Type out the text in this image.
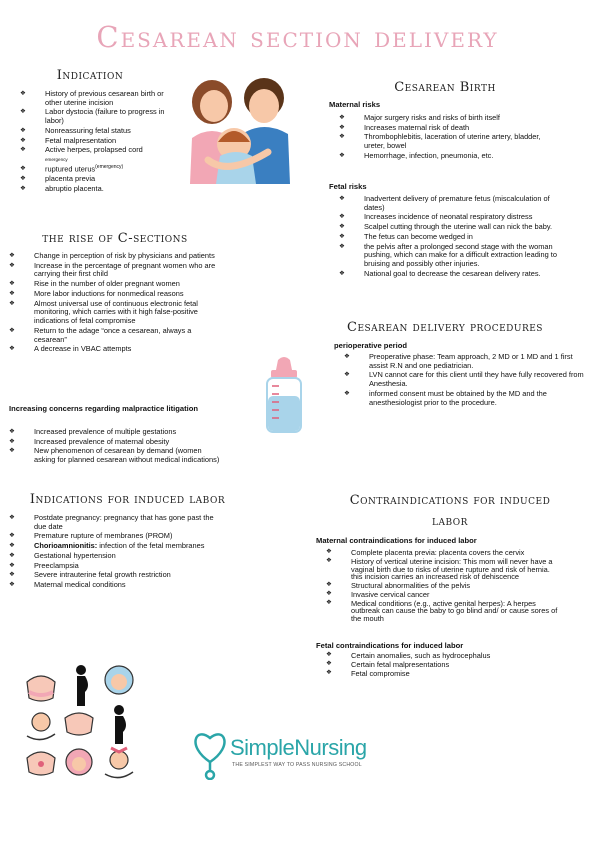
Cesarean section delivery
Indication
❖ History of previous cesarean birth or other uterine incision
❖ Labor dystocia (failure to progress in labor)
❖ Nonreassuring fetal status
❖ Fetal malpresentation
❖ Active herpes, prolapsed cord
emergency
❖ ruptured uterus$^{(emergency)}$
❖ placenta previa
❖ abruptio placenta.
the rise of C-sections
❖ Change in perception of risk by physicians and patients
❖ Increase in the percentage of pregnant women who are carrying their first child
❖ Rise in the number of older pregnant women
❖ More labor inductions for nonmedical reasons
❖ Almost universal use of continuous electronic fetal monitoring, which carries with it high false-positive indications of fetal compromise
❖ Return to the adage “once a cesarean, always a cesarean”
❖ A decrease in VBAC attempts
Increasing concerns regarding malpractice litigation
❖ Increased prevalence of multiple gestations
❖ Increased prevalence of maternal obesity
❖ New phenomenon of cesarean by demand (women asking for planned cesarean without medical indications)
Indications for induced labor
❖ Postdate pregnancy: pregnancy that has gone past the due date
❖ Premature rupture of membranes (PROM)
❖ Chorioamnionitis: infection of the fetal membranes
❖ Gestational hypertension
❖ Preeclampsia
❖ Severe intrauterine fetal growth restriction
❖ Maternal medical conditions
Cesarean Birth
Maternal risks
❖ Major surgery risks and risks of birth itself
❖ Increases maternal risk of death
❖ Thrombophlebitis, laceration of uterine artery, bladder, ureter, bowel
❖ Hemorrhage, infection, pneumonia, etc.
Fetal risks
❖ Inadvertent delivery of premature fetus (miscalculation of dates)
❖ Increases incidence of neonatal respiratory distress
❖ Scalpel cutting through the uterine wall can nick the baby.
❖ The fetus can become wedged in
❖ the pelvis after a prolonged second stage with the woman pushing, which can make for a difficult extraction leading to bruising and possibly other injuries.
❖ National goal to decrease the cesarean delivery rates.
Cesarean delivery procedures
perioperative period
❖ Preoperative phase: Team approach, 2 MD or 1 MD and 1 first assist R.N and one pediatrician.
❖ LVN cannot care for this client until they have fully recovered from Anesthesia.
❖ informed consent must be obtained by the MD and the anesthesiologist prior to the procedure.
Contraindications for induced
labor
Maternal contraindications for induced labor
❖ Complete placenta previa: placenta covers the cervix
❖ History of vertical uterine incision: This mom will never have a vaginal birth due to risks of uterine rupture and risk of hernia. this incision carries an increased risk of dehiscence
❖ Structural abnormalities of the pelvis
❖ Invasive cervical cancer
❖ Medical conditions (e.g., active genital herpes): A herpes outbreak can cause the baby to go blind and/ or cause sores of the mouth
Fetal contraindications for induced labor
❖ Certain anomalies, such as hydrocephalus
❖ Certain fetal malpresentations
❖ Fetal compromise
SimpleNursing
THE SIMPLEST WAY TO PASS NURSING SCHOOL
